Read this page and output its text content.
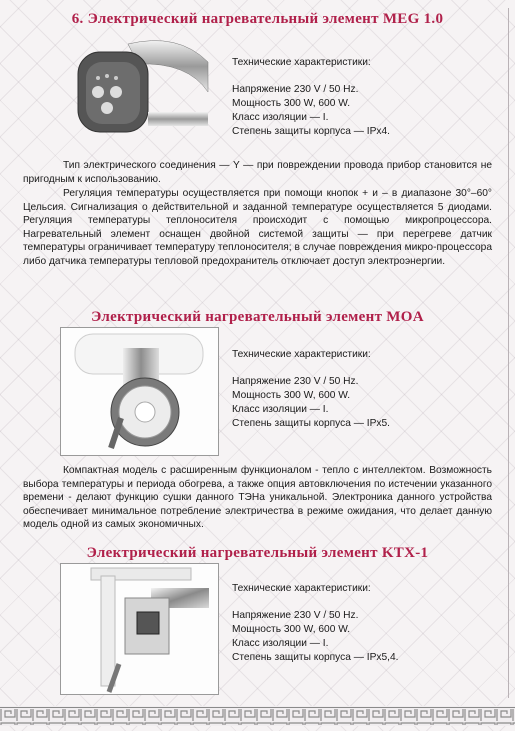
6. Электрический нагревательный элемент MEG 1.0
Технические характеристики:
Напряжение 230 V / 50 Hz.
Мощность 300 W, 600 W.
Класс изоляции — I.
Степень защиты корпуса — IPx4.

Тип электрического соединения — Y — при повреждении провода прибор становится не пригодным к использованию.

Регуляция температуры осуществляется при помощи кнопок + и – в диапазоне 30°–60° Цельсия. Сигнализация о действительной и заданной температуре осуществляется 5 диодами. Регуляция температуры теплоносителя происходит с помощью микропроцессора. Нагревательный элемент оснащен двойной системой защиты — при перегреве датчик температуры ограничивает температуру теплоносителя; в случае повреждения микро-процессора либо датчика температуры тепловой предохранитель отключает доступ электроэнергии.

Электрический нагревательный элемент MOA
Технические характеристики:
Напряжение 230 V / 50 Hz.
Мощность 300 W, 600 W.
Класс изоляции — I.
Степень защиты корпуса — IPx5.

Компактная модель с расширенным функционалом - тепло с интеллектом. Возможность выбора температуры и периода обогрева, а также опция автовключения по истечении указанного времени - делают функцию сушки данного ТЭНа уникальной. Электроника данного устройства обеспечивает минимальное потребление электричества в режиме ожидания, что делает данную модель одной из самых экономичных.

Электрический нагревательный элемент KTX-1
Технические характеристики:
Напряжение 230 V / 50 Hz.
Мощность 300 W, 600 W.
Класс изоляции — I.
Степень защиты корпуса — IPx5,4.
